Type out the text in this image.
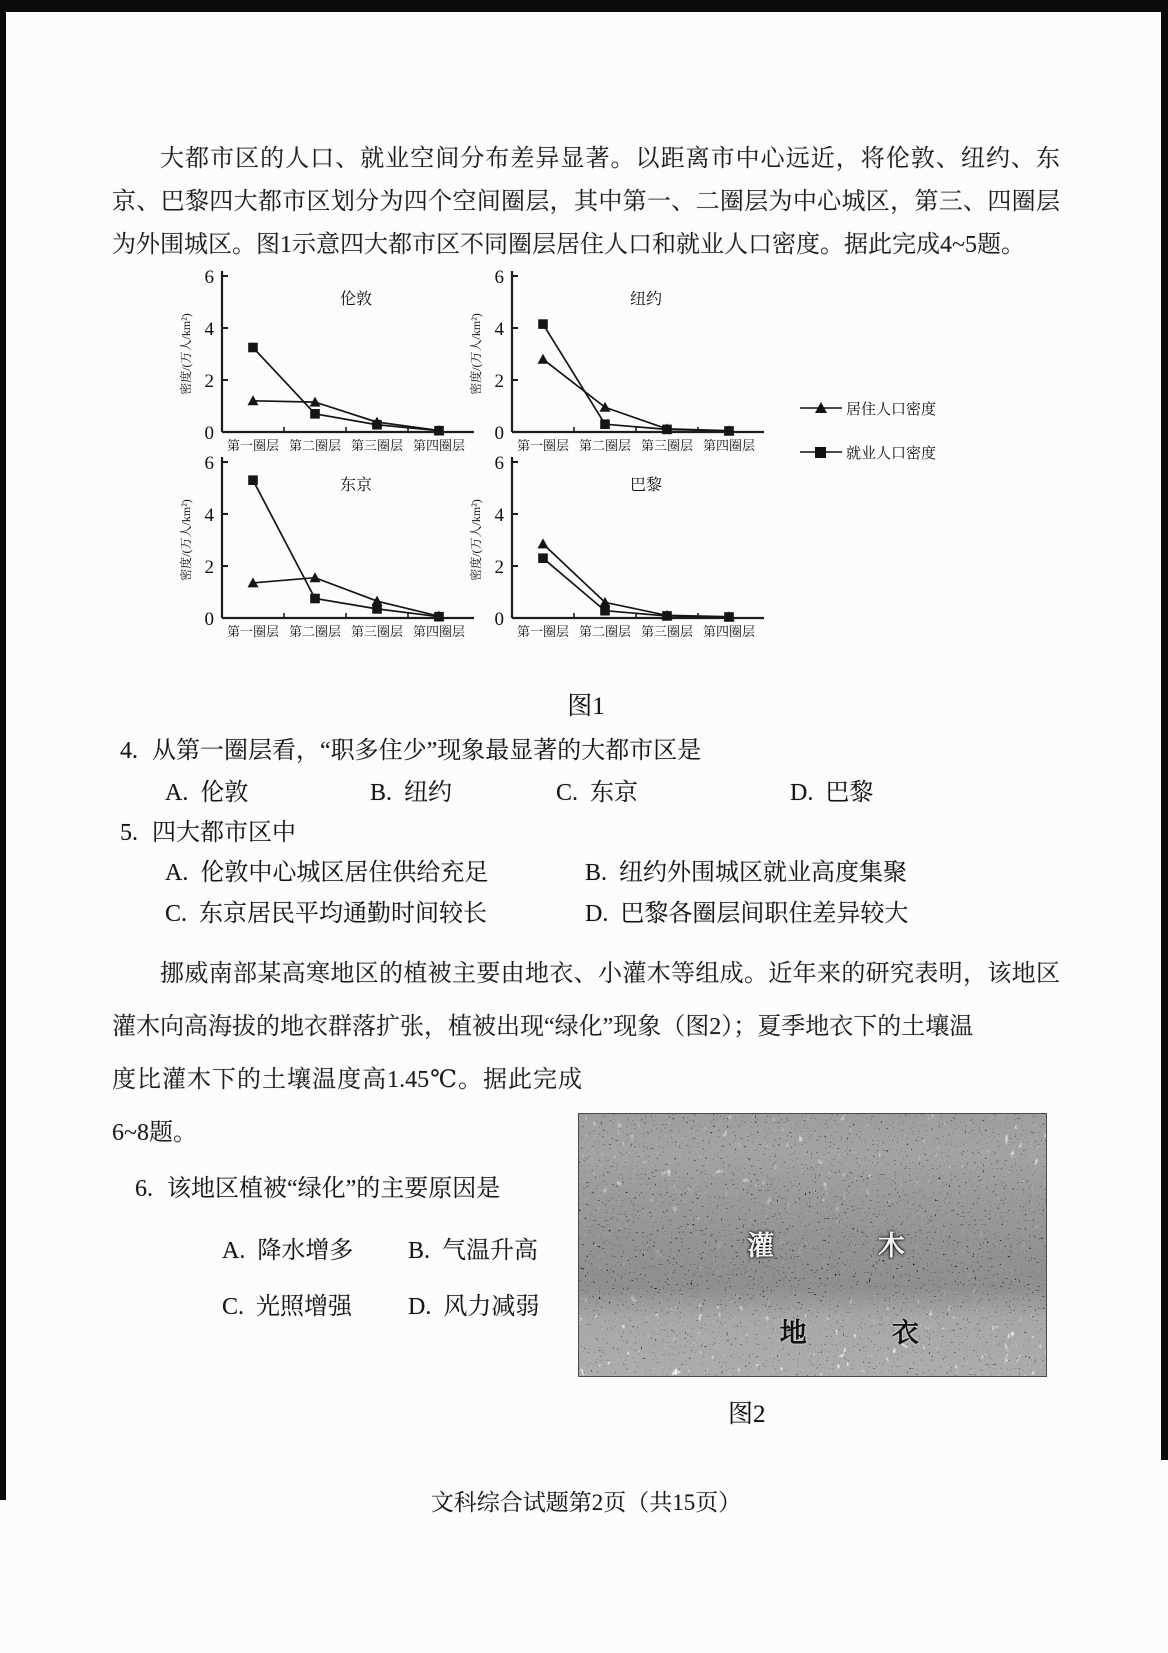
大都市区的人口、就业空间分布差异显著。以距离市中心远近，将伦敦、纽约、东京、巴黎四大都市区划分为四个空间圈层，其中第一、二圈层为中心城区，第三、四圈层为外围城区。图1示意四大都市区不同圈层居住人口和就业人口密度。据此完成4~5题。

0
2
4
6
第一圈层 第二圈层 第三圈层 第四圈层
密度/(万人/km²)
伦敦
0
2
4
6
第一圈层 第二圈层 第三圈层 第四圈层
密度/(万人/km²)
纽约
0
2
4
6
第一圈层 第二圈层 第三圈层 第四圈层
密度/(万人/km²)
东京
0
2
4
6
第一圈层 第二圈层 第三圈层 第四圈层
密度/(万人/km²)
巴黎
居住人口密度
就业人口密度
图1
4. 从第一圈层看，“职多住少”现象最显著的大都市区是
A. 伦敦	B. 纽约	C. 东京	D. 巴黎
5. 四大都市区中
A. 伦敦中心城区居住供给充足	B. 纽约外围城区就业高度集聚
C. 东京居民平均通勤时间较长	D. 巴黎各圈层间职住差异较大

挪威南部某高寒地区的植被主要由地衣、小灌木等组成。近年来的研究表明，该地区灌木向高海拔的地衣群落扩张，植被出现“绿化”现象（图2）；夏季地衣下的土壤温

度比灌木下的土壤温度高1.45℃。据此完成6~8题。

6. 该地区植被“绿化”的主要原因是
A. 降水增多 B. 气温升高
C. 光照增强 D. 风力减弱
灌	木
地	衣
图2
文科综合试题第2页（共15页）
